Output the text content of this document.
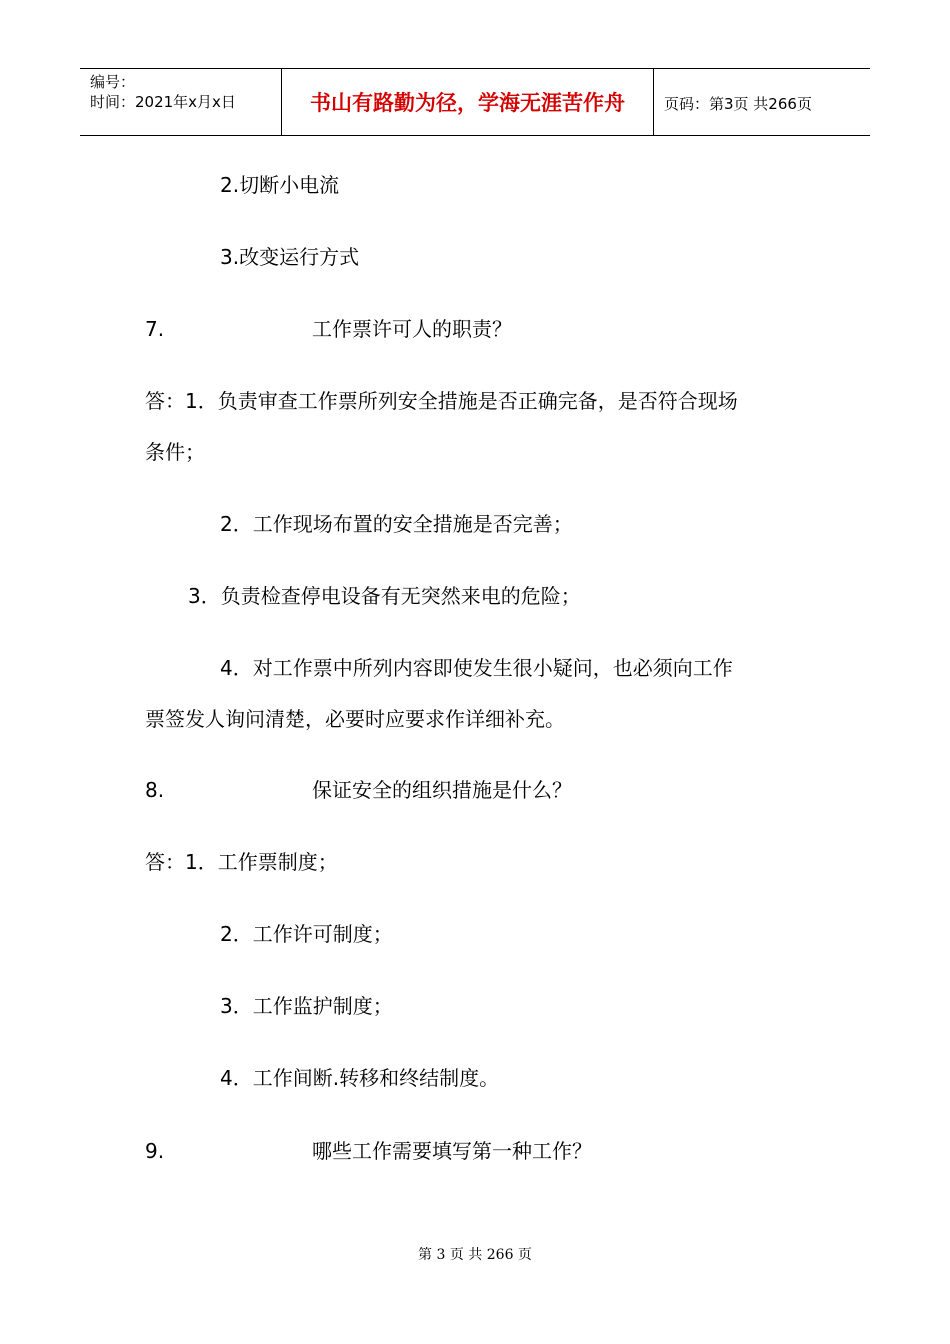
编号：
时间：2021年x月x日	书山有路勤为径，学海无涯苦作舟	页码：第3页 共266页
2.切断小电流
3.改变运行方式
7.	工作票许可人的职责？
答：1．负责审查工作票所列安全措施是否正确完备，是否符合现场
条件；
2．工作现场布置的安全措施是否完善；
3．负责检查停电设备有无突然来电的危险；
4．对工作票中所列内容即使发生很小疑问，也必须向工作
票签发人询问清楚，必要时应要求作详细补充。
8.	保证安全的组织措施是什么？
答：1．工作票制度；
2．工作许可制度；
3．工作监护制度；
4．工作间断.转移和终结制度。
9.	哪些工作需要填写第一种工作？
第 3 页 共 266 页
